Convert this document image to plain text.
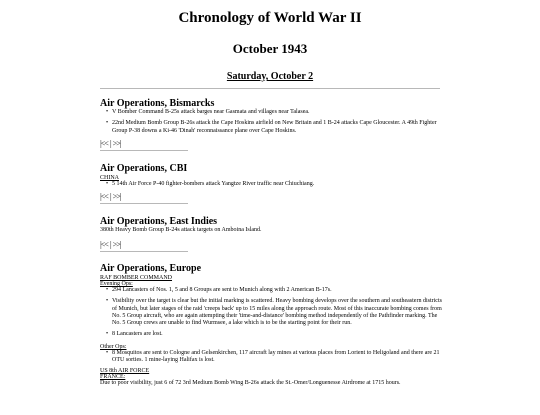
Chronology of World War II
October 1943
Saturday, October 2
Air Operations, Bismarcks
• V Bomber Command B-25s attack barges near Gasmata and villages near Talasea.
• 22nd Medium Bomb Group B-26s attack the Cape Hoskins airfield on New Britain and 1 B-24 attacks Cape Gloucester. A 49th Fighter Group P-38 downs a Ki-46 'Dinah' reconnaissance plane over Cape Hoskins.
|<< | >>|
Air Operations, CBI
CHINA
• 5 14th Air Force P-40 fighter-bombers attack Yangtze River traffic near Chiuchiang.
|<< | >>|
Air Operations, East Indies

380th Heavy Bomb Group B-24s attack targets on Amboina Island.

|<< | >>|
Air Operations, Europe
RAF BOMBER COMMAND
Evening Ops:
• 294 Lancasters of Nos. 1, 5 and 8 Groups are sent to Munich along with 2 American B-17s.
• Visibility over the target is clear but the initial marking is scattered. Heavy bombing develops over the southern and southeastern districts of Munich, but later stages of the raid 'creeps back' up to 15 miles along the approach route. Most of this inaccurate bombing comes from No. 5 Group aircraft, who are again attempting their 'time-and-distance' bombing method independently of the Pathfinder marking. The No. 5 Group crews are unable to find Wurmsee, a lake which is to be the starting point for their run.
• 8 Lancasters are lost.
Other Ops:
• 8 Mosquitos are sent to Cologne and Gelsenkirchen, 117 aircraft lay mines at various places from Lorient to Heligoland and there are 21 OTU sorties. 1 mine-laying Halifax is lost.
US 8th AIR FORCE
FRANCE:

Due to poor visibility, just 6 of 72 3rd Medium Bomb Wing B-26s attack the St.-Omer/Longuenesse Airdrome at 1715 hours.
